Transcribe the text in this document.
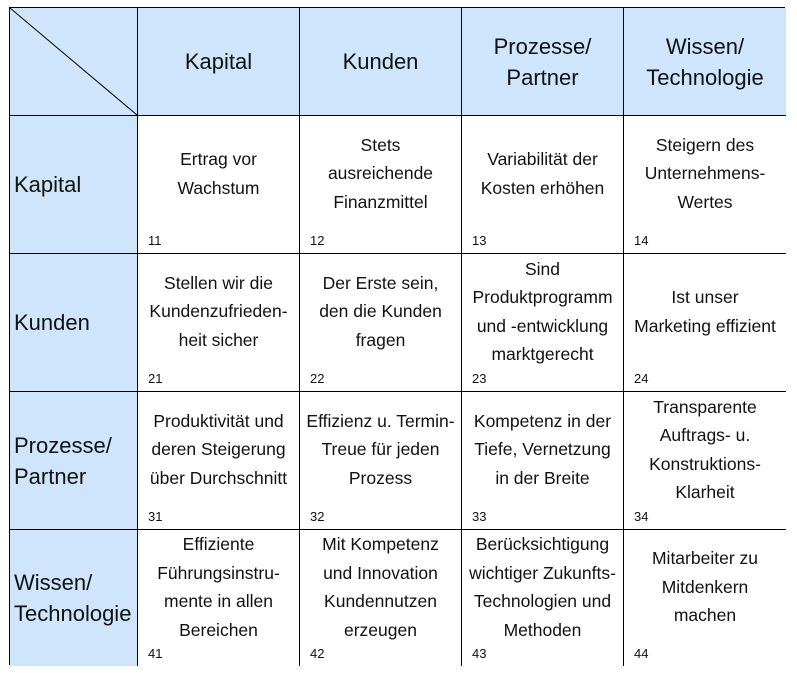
Kapital	Kunden
Prozesse/
Partner
Wissen/
Technologie
Kapital
Ertrag vor
Wachstum
11
Stets
ausreichende
Finanzmittel
12
Variabilität der
Kosten erhöhen
13
Steigern des
Unternehmens-
Wertes
14
Kunden
Stellen wir die
Kundenzufrieden-
heit sicher
21
Der Erste sein,
den die Kunden
fragen
22
Sind
Produktprogramm
und -entwicklung
marktgerecht
23
Ist unser
Marketing effizient
24
Prozesse/
Partner
Produktivität und
deren Steigerung
über Durchschnitt
31
Effizienz u. Termin-
Treue für jeden
Prozess
32
Kompetenz in der
Tiefe, Vernetzung
in der Breite
33
Transparente
Auftrags- u.
Konstruktions-
Klarheit
34
Wissen/
Technologie
Effiziente
Führungsinstru-
mente in allen
Bereichen
41
Mit Kompetenz
und Innovation
Kundennutzen
erzeugen
42
Berücksichtigung
wichtiger Zukunfts-
Technologien und
Methoden
43
Mitarbeiter zu
Mitdenkern
machen
44
